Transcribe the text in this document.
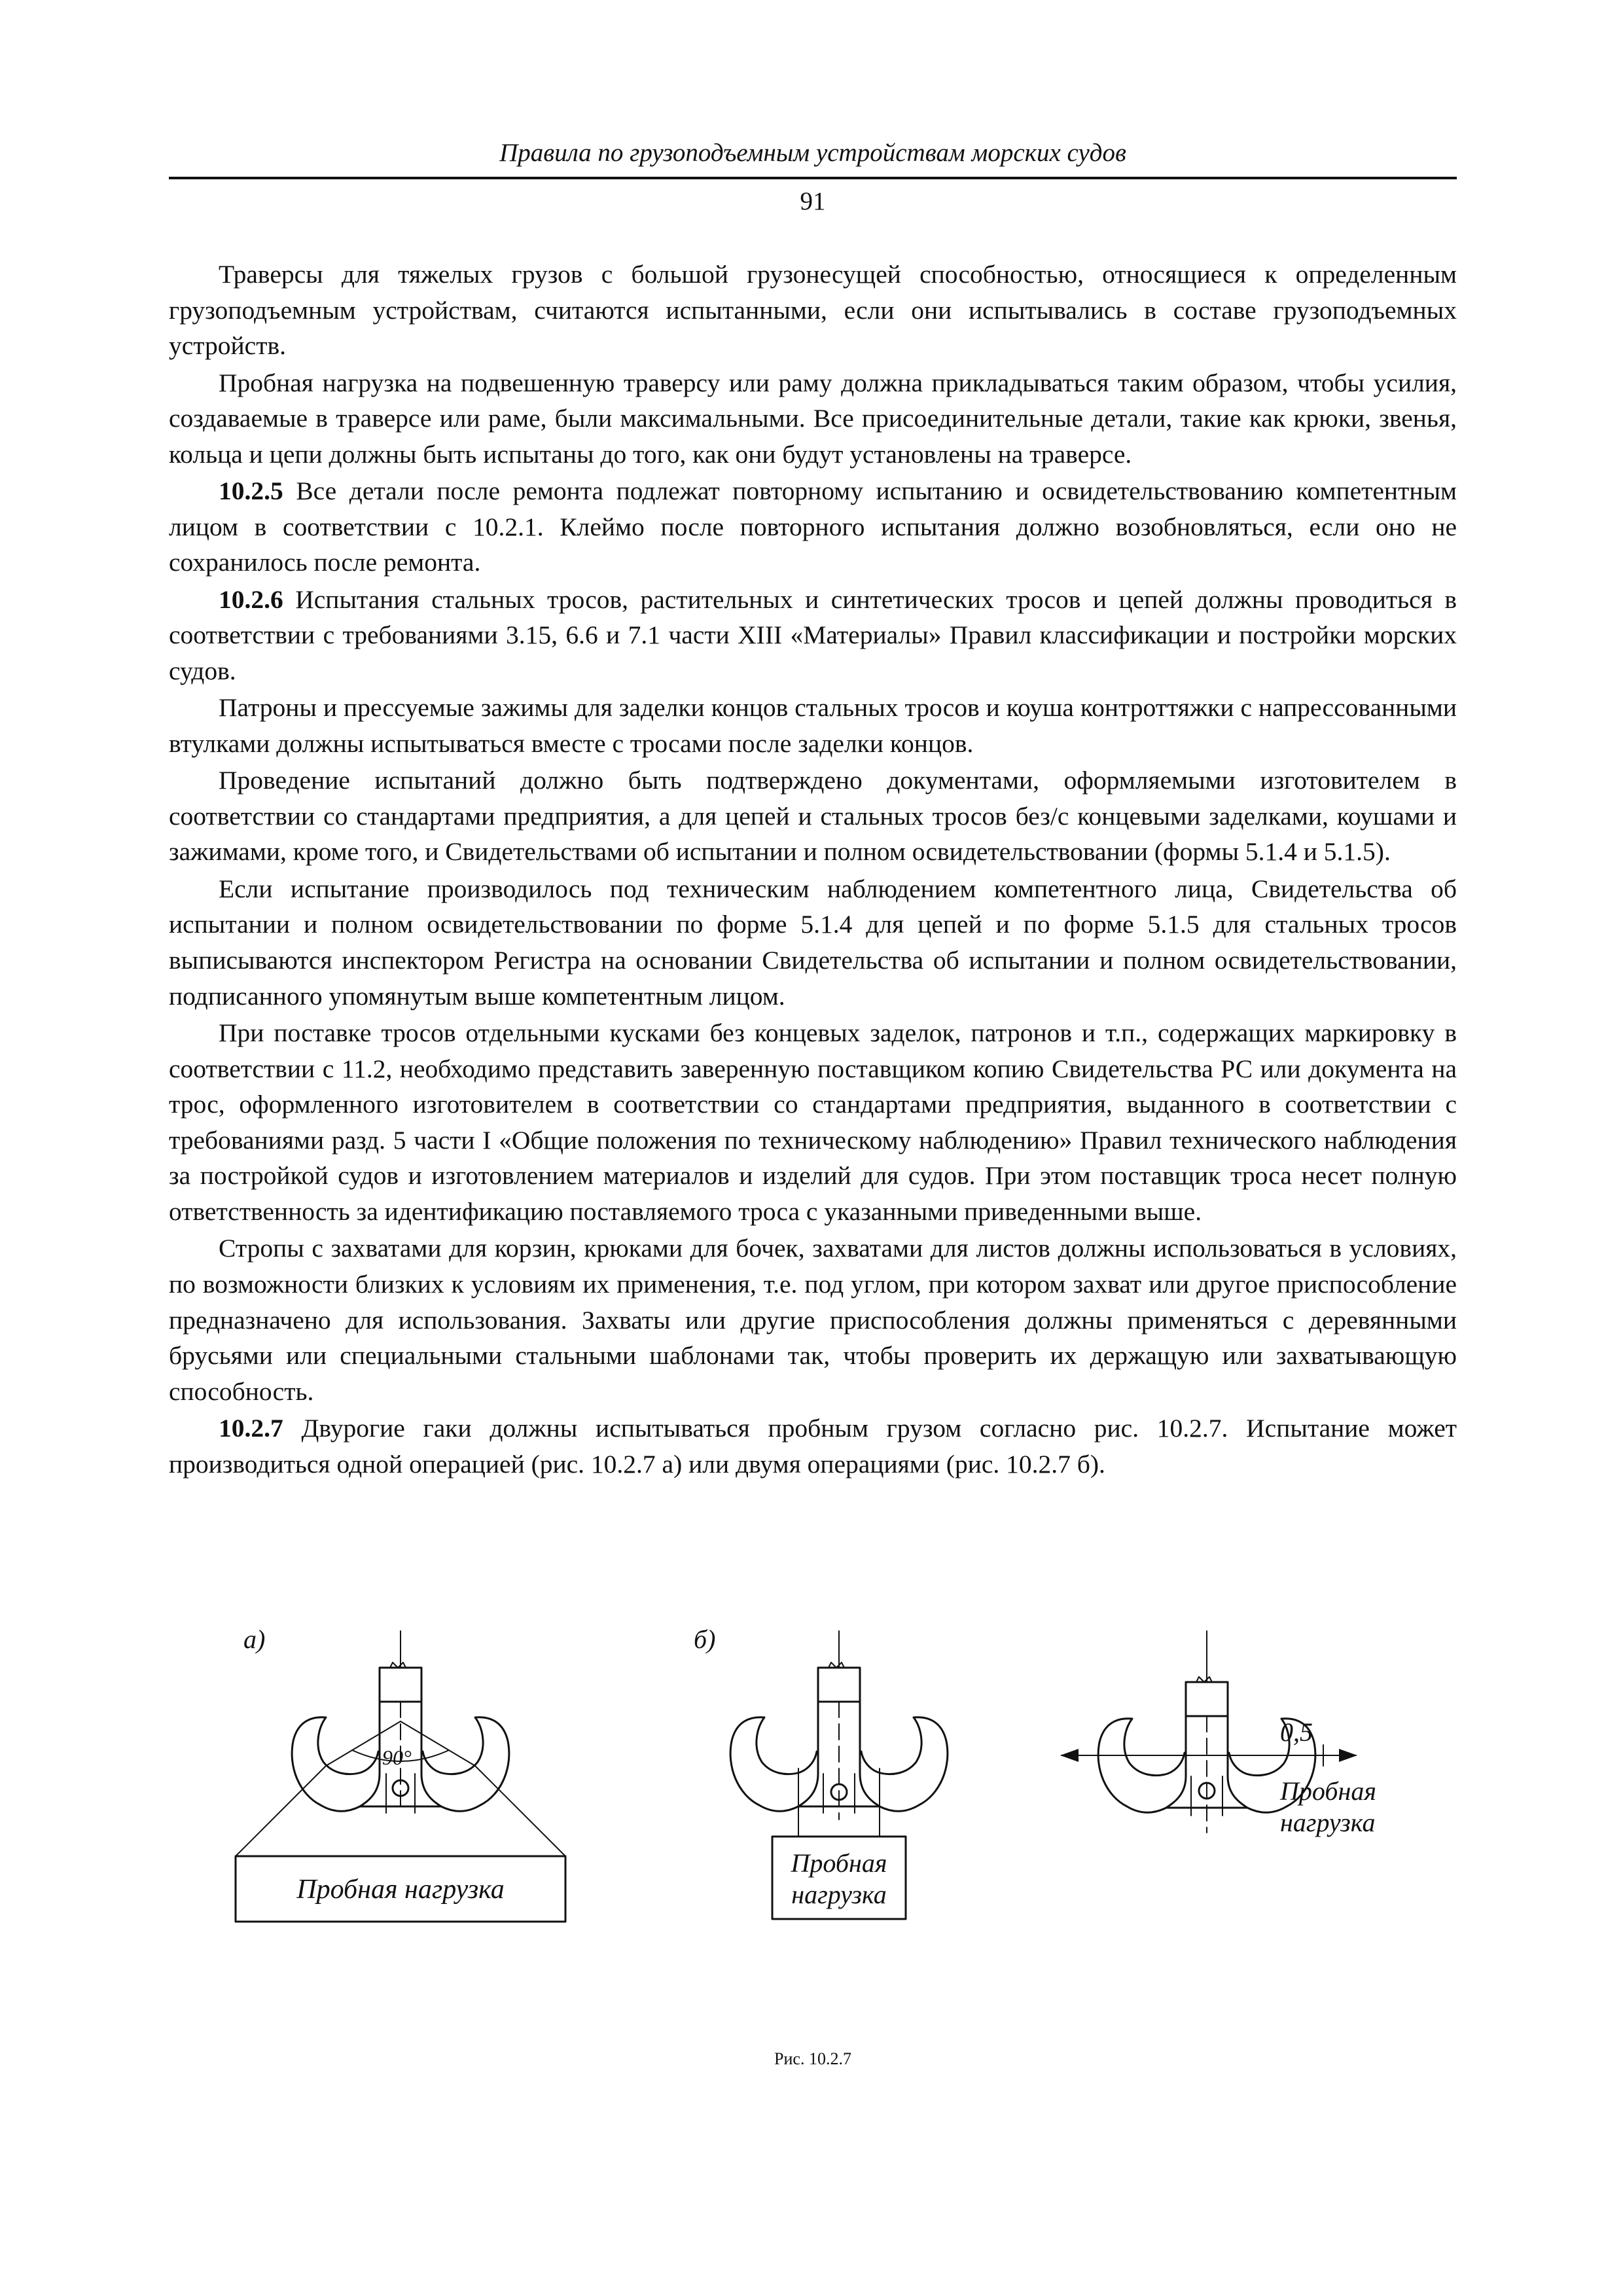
Правила по грузоподъемным устройствам морских судов
91

Траверсы для тяжелых грузов с большой грузонесущей способностью, относящиеся к определенным грузоподъемным устройствам, считаются испытанными, если они испытывались в составе грузоподъемных устройств.

Пробная нагрузка на подвешенную траверсу или раму должна прикладываться таким образом, чтобы усилия, создаваемые в траверсе или раме, были максимальными. Все присоединительные детали, такие как крюки, звенья, кольца и цепи должны быть испытаны до того, как они будут установлены на траверсе.

10.2.5 Все детали после ремонта подлежат повторному испытанию и освидетельствованию компетентным лицом в соответствии с 10.2.1. Клеймо после повторного испытания должно возобновляться, если оно не сохранилось после ремонта.

10.2.6 Испытания стальных тросов, растительных и синтетических тросов и цепей должны проводиться в соответствии с требованиями 3.15, 6.6 и 7.1 части XIII «Материалы» Правил классификации и постройки морских судов.

Патроны и прессуемые зажимы для заделки концов стальных тросов и коуша контроттяжки с напрессованными втулками должны испытываться вместе с тросами после заделки концов.

Проведение испытаний должно быть подтверждено документами, оформляемыми изготовителем в соответствии со стандартами предприятия, а для цепей и стальных тросов без/с концевыми заделками, коушами и зажимами, кроме того, и Свидетельствами об испытании и полном освидетельствовании (формы 5.1.4 и 5.1.5).

Если испытание производилось под техническим наблюдением компетентного лица, Свидетельства об испытании и полном освидетельствовании по форме 5.1.4 для цепей и по форме 5.1.5 для стальных тросов выписываются инспектором Регистра на основании Свидетельства об испытании и полном освидетельствовании, подписанного упомянутым выше компетентным лицом.

При поставке тросов отдельными кусками без концевых заделок, патронов и т.п., содержащих маркировку в соответствии с 11.2, необходимо представить заверенную поставщиком копию Свидетельства РС или документа на трос, оформленного изготовителем в соответствии со стандартами предприятия, выданного в соответствии с требованиями разд. 5 части I «Общие положения по техническому наблюдению» Правил технического наблюдения за постройкой судов и изготовлением материалов и изделий для судов. При этом поставщик троса несет полную ответственность за идентификацию поставляемого троса с указанными приведенными выше.

Стропы с захватами для корзин, крюками для бочек, захватами для листов должны использоваться в условиях, по возможности близких к условиям их применения, т.е. под углом, при котором захват или другое приспособление предназначено для использования. Захваты или другие приспособления должны применяться с деревянными брусьями или специальными стальными шаблонами так, чтобы проверить их держащую или захватывающую способность.

10.2.7 Двурогие гаки должны испытываться пробным грузом согласно рис. 10.2.7. Испытание может производиться одной операцией (рис. 10.2.7 а) или двумя операциями (рис. 10.2.7 б).

а)	б)
90°
Пробная нагрузка
Пробная
нагрузка
0,5
Пробная
нагрузка
Рис. 10.2.7
